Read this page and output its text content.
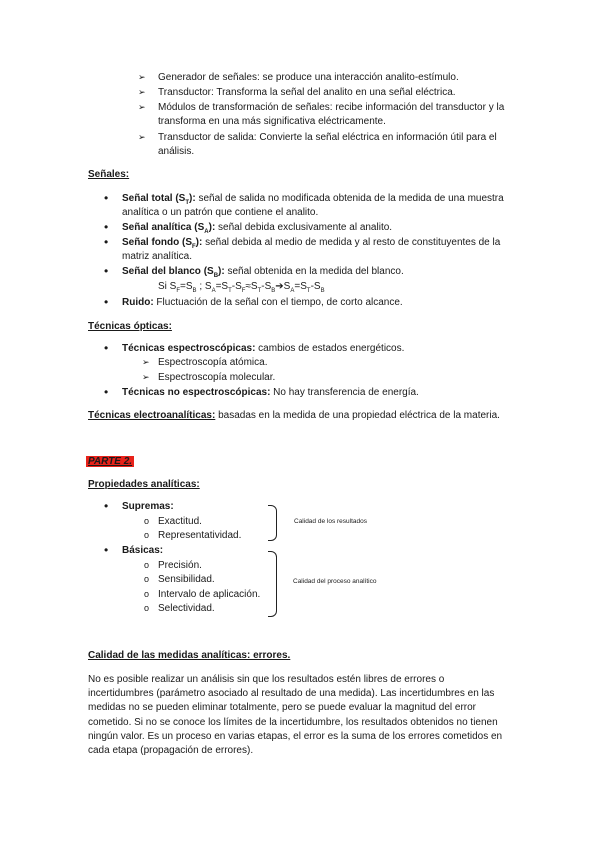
➢ Generador de señales: se produce una interacción analito-estímulo.
➢ Transductor: Transforma la señal del analito en una señal eléctrica.
➢ Módulos de transformación de señales: recibe información del transductor y la
transforma en una más significativa eléctricamente.
➢ Transductor de salida: Convierte la señal eléctrica en información útil para el
análisis.
Señales:
• Señal total $(S_T)$: señal de salida no modificada obtenida de la medida de una muestra
analítica o un patrón que contiene el analito.
• Señal analítica $(S_A)$: señal debida exclusivamente al analito.
• Señal fondo $(S_F)$: señal debida al medio de medida y al resto de constituyentes de la
matriz analítica.
• Señal del blanco $(S_B)$: señal obtenida en la medida del blanco.
Si $S_F=S_B$ ; $S_A=S_T-S_F\approx S_T-S_B➔S_A=S_T-S_B$
• Ruido: Fluctuación de la señal con el tiempo, de corto alcance.
Técnicas ópticas:
• Técnicas espectroscópicas: cambios de estados energéticos.
➢ Espectroscopía atómica.
➢ Espectroscopía molecular.
• Técnicas no espectroscópicas: No hay transferencia de energía.
Técnicas electroanalíticas: basadas en la medida de una propiedad eléctrica de la materia.
PARTE 2.
Propiedades analíticas:
• Supremas:
o Exactitud.
o Representatividad.
Calidad de los resultados
• Básicas:
o Precisión.
o Sensibilidad.
o Intervalo de aplicación.
o Selectividad.
Calidad del proceso analítico
Calidad de las medidas analíticas: errores.
No es posible realizar un análisis sin que los resultados estén libres de errores o
incertidumbres (parámetro asociado al resultado de una medida). Las incertidumbres en las
medidas no se pueden eliminar totalmente, pero se puede evaluar la magnitud del error
cometido. Si no se conoce los límites de la incertidumbre, los resultados obtenidos no tienen
ningún valor. Es un proceso en varias etapas, el error es la suma de los errores cometidos en
cada etapa (propagación de errores).
